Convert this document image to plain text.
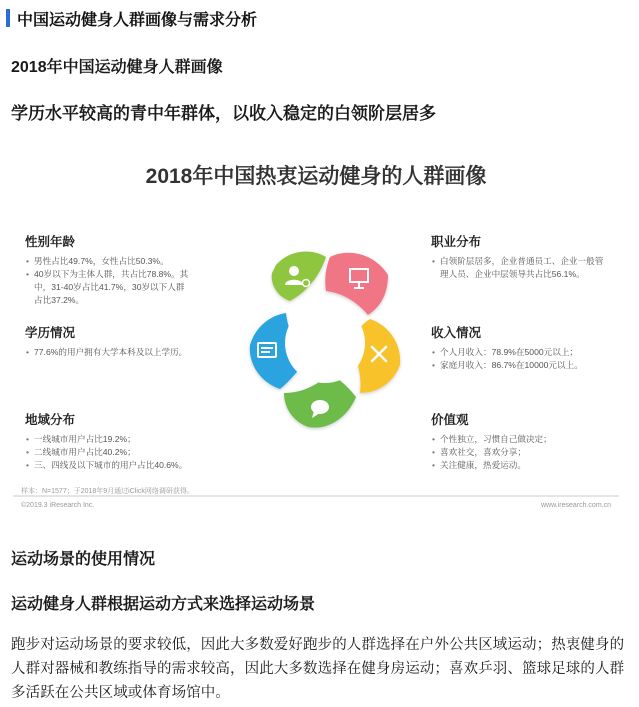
中国运动健身人群画像与需求分析
2018年中国运动健身人群画像
学历水平较高的青中年群体，以收入稳定的白领阶层居多
2018年中国热衷运动健身的人群画像
性别年龄
• 男性占比49.7%，女性占比50.3%。
• 40岁以下为主体人群，共占比78.8%。其中，31-40岁占比41.7%，30岁以下人群占比37.2%。
学历情况
• 77.6%的用户拥有大学本科及以上学历。
地域分布
• 一线城市用户占比19.2%；
• 二线城市用户占比40.2%；
• 三、四线及以下城市的用户占比40.6%。
职业分布
• 白领阶层居多，企业普通员工、企业一般管理人员、企业中层领导共占比56.1%。
收入情况
• 个人月收入：78.9%在5000元以上；
• 家庭月收入：86.7%在10000元以上。
价值观
• 个性独立，习惯自己做决定；
• 喜欢社交，喜欢分享；
• 关注健康，热爱运动。
样本：N=1577；于2018年9月通过iClick网络调研获得。
©2019.3 iResearch Inc.	www.iresearch.com.cn
运动场景的使用情况
运动健身人群根据运动方式来选择运动场景

跑步对运动场景的要求较低，因此大多数爱好跑步的人群选择在户外公共区域运动；热衷健身的人群对器械和教练指导的需求较高，因此大多数选择在健身房运动；喜欢乒羽、篮球足球的人群多活跃在公共区域或体育场馆中。
